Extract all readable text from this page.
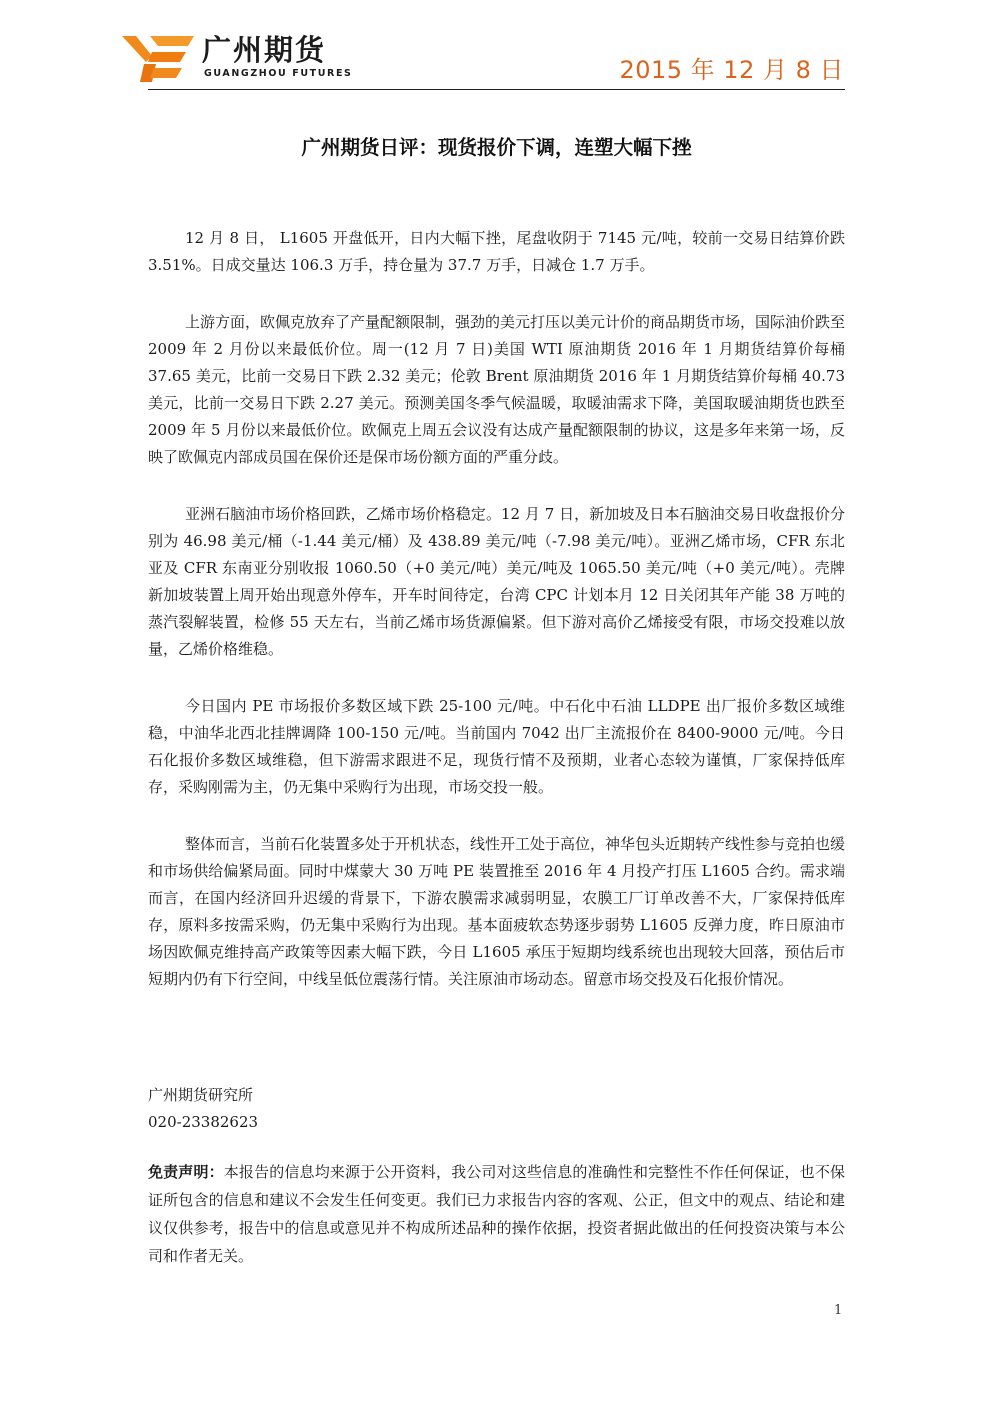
广州期货
GUANGZHOU FUTURES	2015 年 12 月 8 日
广州期货日评：现货报价下调，连塑大幅下挫

12 月 8 日， L1605 开盘低开，日内大幅下挫，尾盘收阴于 7145 元/吨，较前一交易日结算价跌 3.51%。日成交量达 106.3 万手，持仓量为 37.7 万手，日减仓 1.7 万手。

上游方面，欧佩克放弃了产量配额限制，强劲的美元打压以美元计价的商品期货市场，国际油价跌至 2009 年 2 月份以来最低价位。周一(12 月 7 日)美国 WTI 原油期货 2016 年 1 月期货结算价每桶 37.65 美元，比前一交易日下跌 2.32 美元；伦敦 Brent 原油期货 2016 年 1 月期货结算价每桶 40.73 美元，比前一交易日下跌 2.27 美元。预测美国冬季气候温暖，取暖油需求下降，美国取暖油期货也跌至 2009 年 5 月份以来最低价位。欧佩克上周五会议没有达成产量配额限制的协议，这是多年来第一场，反映了欧佩克内部成员国在保价还是保市场份额方面的严重分歧。

亚洲石脑油市场价格回跌，乙烯市场价格稳定。12 月 7 日，新加坡及日本石脑油交易日收盘报价分别为 46.98 美元/桶（-1.44 美元/桶）及 438.89 美元/吨（-7.98 美元/吨）。亚洲乙烯市场，CFR 东北亚及 CFR 东南亚分别收报 1060.50（+0 美元/吨）美元/吨及 1065.50 美元/吨（+0 美元/吨）。壳牌新加坡装置上周开始出现意外停车，开车时间待定，台湾 CPC 计划本月 12 日关闭其年产能 38 万吨的蒸汽裂解装置，检修 55 天左右，当前乙烯市场货源偏紧。但下游对高价乙烯接受有限，市场交投难以放量，乙烯价格维稳。

今日国内 PE 市场报价多数区域下跌 25-100 元/吨。中石化中石油 LLDPE 出厂报价多数区域维稳，中油华北西北挂牌调降 100-150 元/吨。当前国内 7042 出厂主流报价在 8400-9000 元/吨。今日石化报价多数区域维稳，但下游需求跟进不足，现货行情不及预期，业者心态较为谨慎，厂家保持低库存，采购刚需为主，仍无集中采购行为出现，市场交投一般。

整体而言，当前石化装置多处于开机状态，线性开工处于高位，神华包头近期转产线性参与竞拍也缓和市场供给偏紧局面。同时中煤蒙大 30 万吨 PE 装置推至 2016 年 4 月投产打压 L1605 合约。需求端而言，在国内经济回升迟缓的背景下，下游农膜需求减弱明显，农膜工厂订单改善不大，厂家保持低库存，原料多按需采购，仍无集中采购行为出现。基本面疲软态势逐步弱势 L1605 反弹力度，昨日原油市场因欧佩克维持高产政策等因素大幅下跌，今日 L1605 承压于短期均线系统也出现较大回落，预估后市短期内仍有下行空间，中线呈低位震荡行情。关注原油市场动态。留意市场交投及石化报价情况。

广州期货研究所
020-23382623
免责声明：本报告的信息均来源于公开资料，我公司对这些信息的准确性和完整性不作任何保证，也不保证所包含的信息和建议不会发生任何变更。我们已力求报告内容的客观、公正，但文中的观点、结论和建议仅供参考，报告中的信息或意见并不构成所述品种的操作依据，投资者据此做出的任何投资决策与本公司和作者无关。
1
